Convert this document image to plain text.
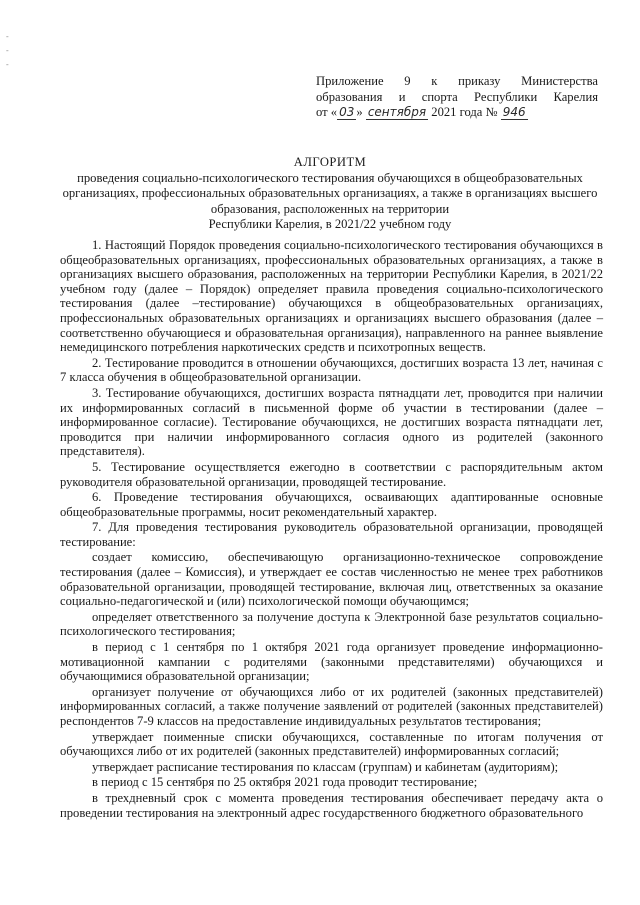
-
-
-
Приложение 9 к приказу Министерства
образования и спорта Республики Карелия
от « 03 » сентября 2021 года № 946
АЛГОРИТМ
проведения социально-психологического тестирования обучающихся в общеобразовательных
организациях, профессиональных образовательных организациях, а также в организациях высшего
образования, расположенных на территории
Республики Карелия, в 2021/22 учебном году

1. Настоящий Порядок проведения социально-психологического тестирования обучающихся в общеобразовательных организациях, профессиональных образовательных организациях, а также в организациях высшего образования, расположенных на территории Республики Карелия, в 2021/22 учебном году (далее – Порядок) определяет правила проведения социально-психологического тестирования (далее –тестирование) обучающихся в общеобразовательных организациях, профессиональных образовательных организациях и организациях высшего образования (далее – соответственно обучающиеся и образовательная организация), направленного на раннее выявление немедицинского потребления наркотических средств и психотропных веществ.

2. Тестирование проводится в отношении обучающихся, достигших возраста 13 лет, начиная с 7 класса обучения в общеобразовательной организации.

3. Тестирование обучающихся, достигших возраста пятнадцати лет, проводится при наличии их информированных согласий в письменной форме об участии в тестировании (далее – информированное согласие). Тестирование обучающихся, не достигших возраста пятнадцати лет, проводится при наличии информированного согласия одного из родителей (законного представителя).

5. Тестирование осуществляется ежегодно в соответствии с распорядительным актом руководителя образовательной организации, проводящей тестирование.

6. Проведение тестирования обучающихся, осваивающих адаптированные основные общеобразовательные программы, носит рекомендательный характер.

7. Для проведения тестирования руководитель образовательной организации, проводящей тестирование:

создает комиссию, обеспечивающую организационно-техническое сопровождение тестирования (далее – Комиссия), и утверждает ее состав численностью не менее трех работников образовательной организации, проводящей тестирование, включая лиц, ответственных за оказание социально-педагогической и (или) психологической помощи обучающимся;

определяет ответственного за получение доступа к Электронной базе результатов социально-психологического тестирования;

в период с 1 сентября по 1 октября 2021 года организует проведение информационно-мотивационной кампании с родителями (законными представителями) обучающихся и обучающимися образовательной организации;

организует получение от обучающихся либо от их родителей (законных представителей) информированных согласий, а также получение заявлений от родителей (законных представителей) респондентов 7-9 классов на предоставление индивидуальных результатов тестирования;

утверждает поименные списки обучающихся, составленные по итогам получения от обучающихся либо от их родителей (законных представителей) информированных согласий;

утверждает расписание тестирования по классам (группам) и кабинетам (аудиториям);

в период с 15 сентября по 25 октября 2021 года проводит тестирование;

в трехдневный срок с момента проведения тестирования обеспечивает передачу акта о проведении тестирования на электронный адрес государственного бюджетного образовательного
